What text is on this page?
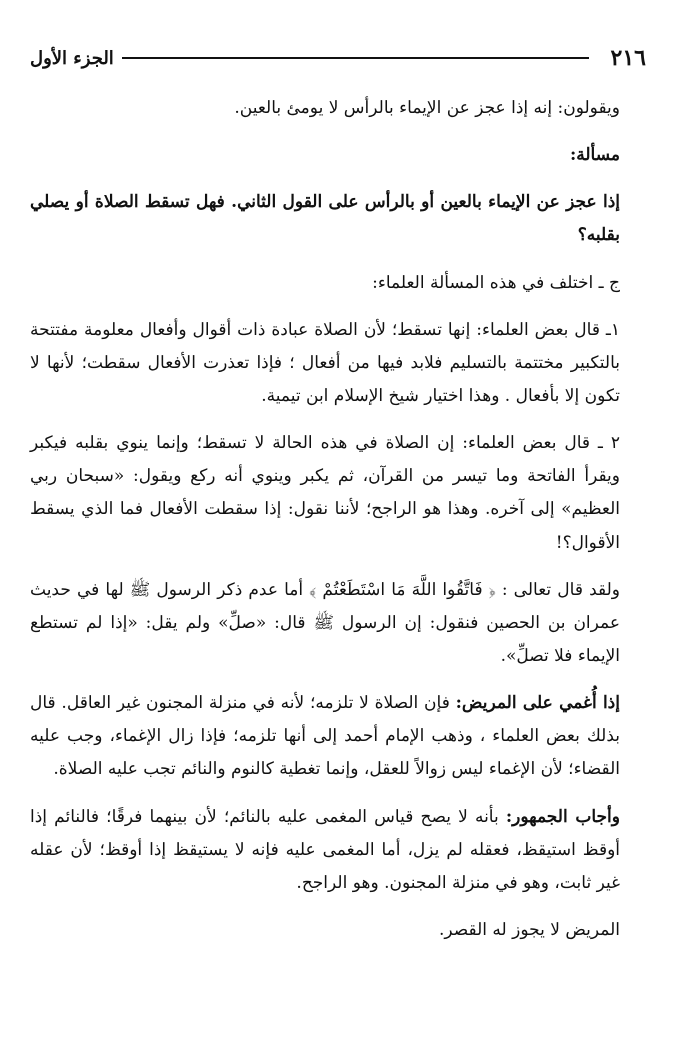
٢١٦
الجزء الأول

ويقولون: إنه إذا عجز عن الإيماء بالرأس لا يومئ بالعين.

مسألة:

إذا عجز عن الإيماء بالعين أو بالرأس على القول الثاني. فهل تسقط الصلاة أو يصلي بقلبه؟

ج ـ اختلف في هذه المسألة العلماء:

١ـ قال بعض العلماء: إنها تسقط؛ لأن الصلاة عبادة ذات أقوال وأفعال معلومة مفتتحة بالتكبير مختتمة بالتسليم فلابد فيها من أفعال ؛ فإذا تعذرت الأفعال سقطت؛ لأنها لا تكون إلا بأفعال . وهذا اختيار شيخ الإسلام ابن تيمية.

٢ ـ قال بعض العلماء: إن الصلاة في هذه الحالة لا تسقط؛ وإنما ينوي بقلبه فيكبر ويقرأ الفاتحة وما تيسر من القرآن، ثم يكبر وينوي أنه ركع ويقول: «سبحان ربي العظيم» إلى آخره. وهذا هو الراجح؛ لأننا نقول: إذا سقطت الأفعال فما الذي يسقط الأقوال؟!

ولقد قال تعالى : ﴿ فَاتَّقُوا اللَّهَ مَا اسْتَطَعْتُمْ ﴾ أما عدم ذكر الرسول ﷺ لها في حديث عمران بن الحصين فنقول: إن الرسول ﷺ قال: «صلِّ» ولم يقل: «إذا لم تستطع الإيماء فلا تصلِّ».

إذا أُغمي على المريض: فإن الصلاة لا تلزمه؛ لأنه في منزلة المجنون غير العاقل. قال بذلك بعض العلماء ، وذهب الإمام أحمد إلى أنها تلزمه؛ فإذا زال الإغماء، وجب عليه القضاء؛ لأن الإغماء ليس زوالاً للعقل، وإنما تغطية كالنوم والنائم تجب عليه الصلاة.

وأجاب الجمهور: بأنه لا يصح قياس المغمى عليه بالنائم؛ لأن بينهما فرقًا؛ فالنائم إذا أوقظ استيقظ، فعقله لم يزل، أما المغمى عليه فإنه لا يستيقظ إذا أوقظ؛ لأن عقله غير ثابت، وهو في منزلة المجنون. وهو الراجح.

المريض لا يجوز له القصر.
